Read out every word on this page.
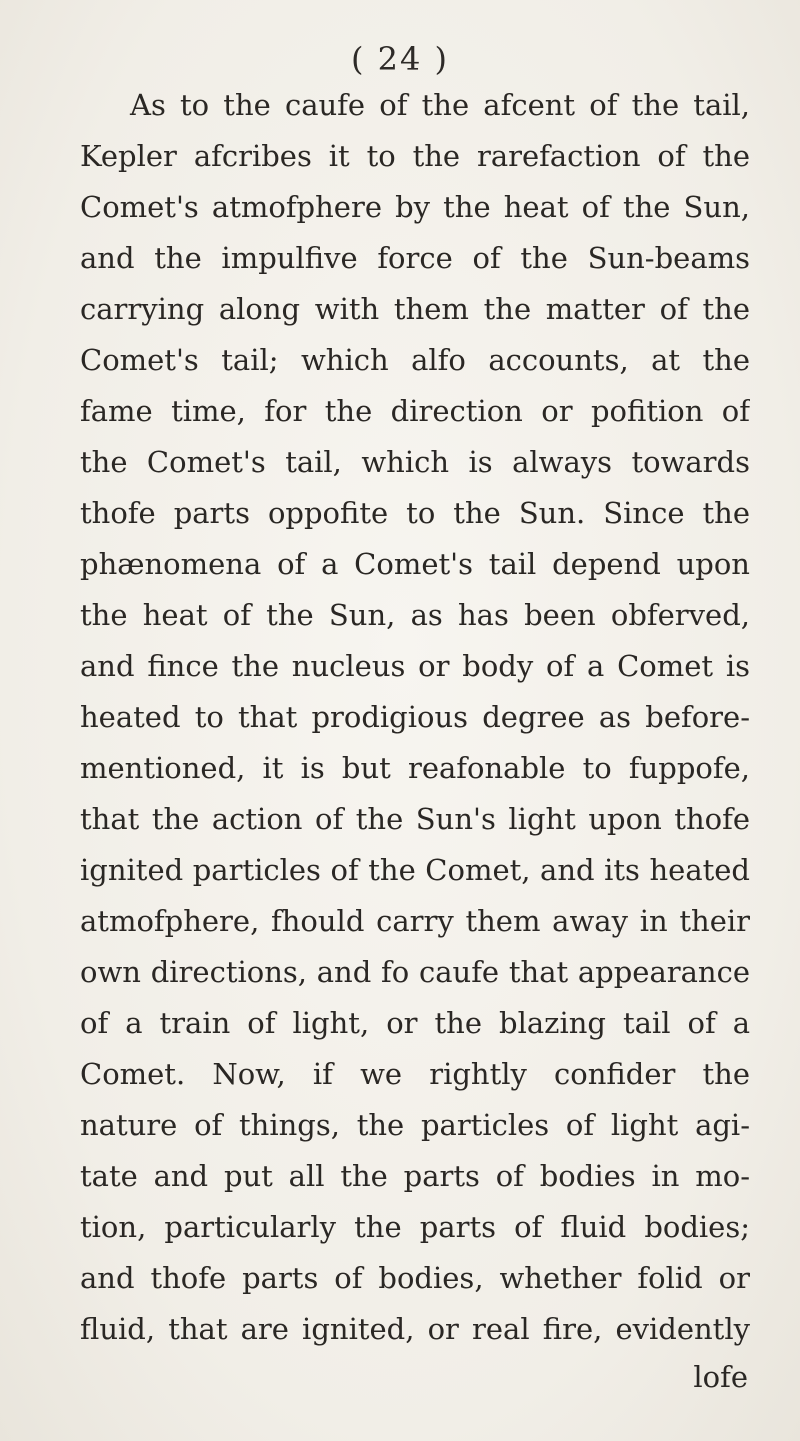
( 24 )
As to the caufe of the afcent of the tail,
Kepler afcribes it to the rarefaction of the
Comet's atmofphere by the heat of the Sun,
and the impulfive force of the Sun-beams
carrying along with them the matter of the
Comet's tail; which alfo accounts, at the
fame time, for the direction or pofition of
the Comet's tail, which is always towards
thofe parts oppofite to the Sun. Since the
phænomena of a Comet's tail depend upon
the heat of the Sun, as has been obferved,
and fince the nucleus or body of a Comet is
heated to that prodigious degree as before-
mentioned, it is but reafonable to fuppofe,
that the action of the Sun's light upon thofe
ignited particles of the Comet, and its heated
atmofphere, fhould carry them away in their
own directions, and fo caufe that appearance
of a train of light, or the blazing tail of a
Comet. Now, if we rightly confider the
nature of things, the particles of light agi-
tate and put all the parts of bodies in mo-
tion, particularly the parts of fluid bodies;
and thofe parts of bodies, whether folid or
fluid, that are ignited, or real fire, evidently
lofe
